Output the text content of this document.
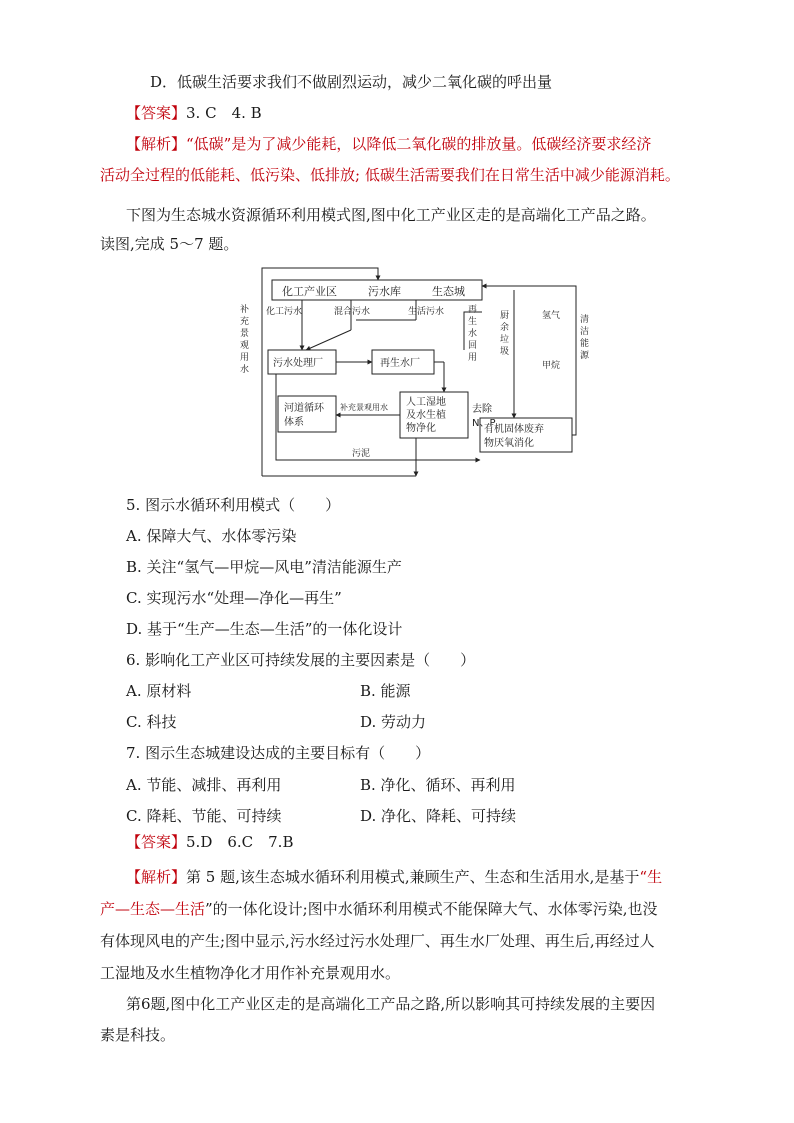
D．低碳生活要求我们不做剧烈运动，减少二氧化碳的呼出量
【答案】3. C　4. B
【解析】“低碳”是为了减少能耗，以降低二氧化碳的排放量。低碳经济要求经济
活动全过程的低能耗、低污染、低排放; 低碳生活需要我们在日常生活中减少能源消耗。
下图为生态城水资源循环利用模式图,图中化工产业区走的是高端化工产品之路。
读图,完成 5～7 题。
化工产业区	污水库	生态城
化工污水	混合污水	生活污水	再
生
水
回
用
厨
余
垃
圾
氢气
甲烷
清
洁
能
源
补
充
景
观
用
水
补充景观用水	去除
N、P
污泥
污水处理厂	再生水厂
人工湿地
及水生植
物净化
河道循环
体系
有机固体废弃
物厌氧消化
5. 图示水循环利用模式（　　）
A. 保障大气、水体零污染
B. 关注“氢气—甲烷—风电”清洁能源生产
C. 实现污水“处理—净化—再生”
D. 基于“生产—生态—生活”的一体化设计
6. 影响化工产业区可持续发展的主要因素是（　　）
A. 原材料	B. 能源
C. 科技	D. 劳动力
7. 图示生态城建设达成的主要目标有（　　）
A. 节能、减排、再利用	B. 净化、循环、再利用
C. 降耗、节能、可持续	D. 净化、降耗、可持续
【答案】5.D　6.C　7.B
【解析】第 5 题,该生态城水循环利用模式,兼顾生产、生态和生活用水,是基于“生
产—生态—生活”的一体化设计;图中水循环利用模式不能保障大气、水体零污染,也没
有体现风电的产生;图中显示,污水经过污水处理厂、再生水厂处理、再生后,再经过人
工湿地及水生植物净化才用作补充景观用水。
第6题,图中化工产业区走的是高端化工产品之路,所以影响其可持续发展的主要因
素是科技。
